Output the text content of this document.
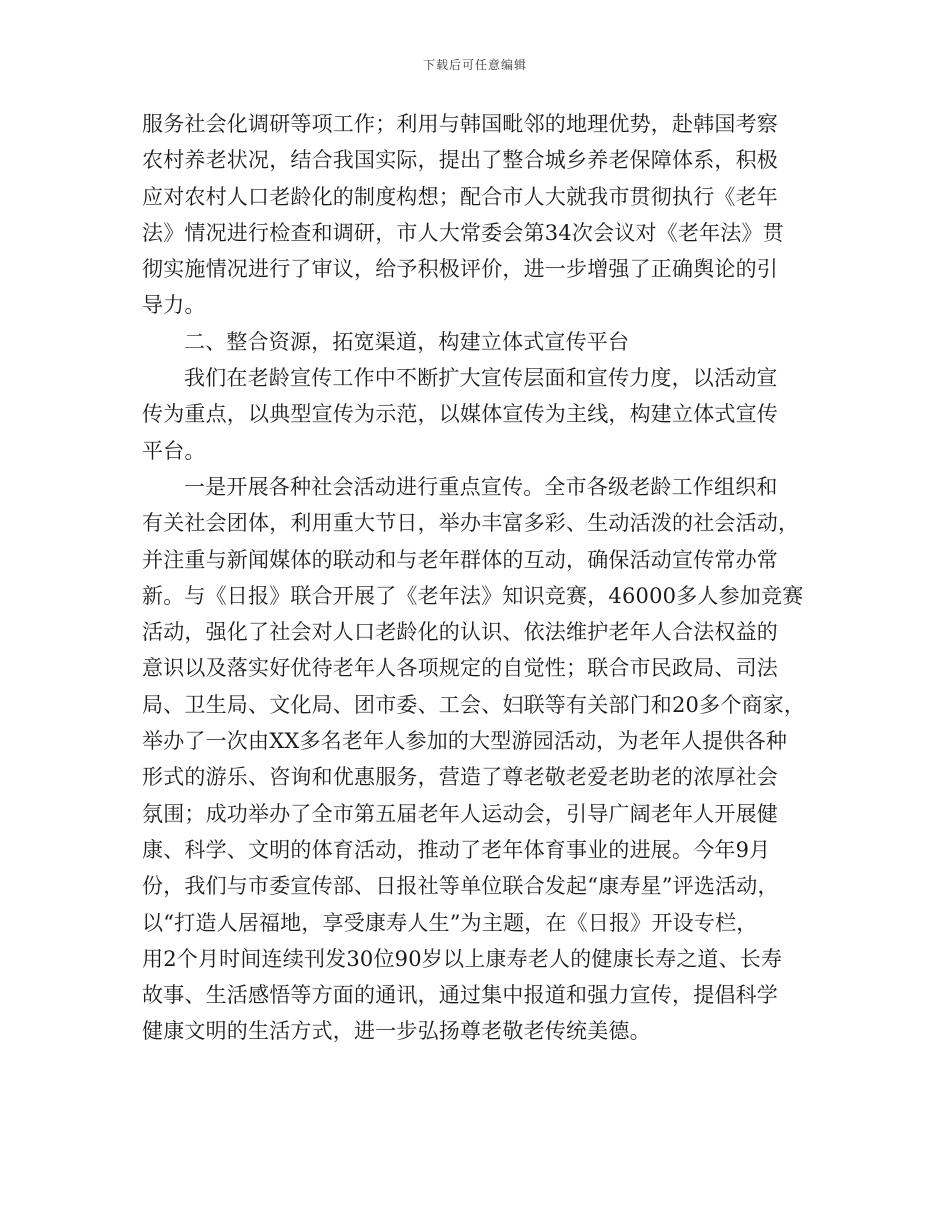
下载后可任意编辑
服务社会化调研等项工作；利用与韩国毗邻的地理优势，赴韩国考察
农村养老状况，结合我国实际，提出了整合城乡养老保障体系，积极
应对农村人口老龄化的制度构想；配合市人大就我市贯彻执行《老年
法》情况进行检查和调研，市人大常委会第34次会议对《老年法》贯
彻实施情况进行了审议，给予积极评价，进一步增强了正确舆论的引
导力。
二、整合资源，拓宽渠道，构建立体式宣传平台
我们在老龄宣传工作中不断扩大宣传层面和宣传力度，以活动宣
传为重点，以典型宣传为示范，以媒体宣传为主线，构建立体式宣传
平台。
一是开展各种社会活动进行重点宣传。全市各级老龄工作组织和
有关社会团体，利用重大节日，举办丰富多彩、生动活泼的社会活动，
并注重与新闻媒体的联动和与老年群体的互动，确保活动宣传常办常
新。与《日报》联合开展了《老年法》知识竞赛，46000多人参加竞赛
活动，强化了社会对人口老龄化的认识、依法维护老年人合法权益的
意识以及落实好优待老年人各项规定的自觉性；联合市民政局、司法
局、卫生局、文化局、团市委、工会、妇联等有关部门和20多个商家，
举办了一次由XX多名老年人参加的大型游园活动，为老年人提供各种
形式的游乐、咨询和优惠服务，营造了尊老敬老爱老助老的浓厚社会
氛围；成功举办了全市第五届老年人运动会，引导广阔老年人开展健
康、科学、文明的体育活动，推动了老年体育事业的进展。今年9月
份，我们与市委宣传部、日报社等单位联合发起“康寿星”评选活动，
以“打造人居福地，享受康寿人生”为主题，在《日报》开设专栏，
用2个月时间连续刊发30位90岁以上康寿老人的健康长寿之道、长寿
故事、生活感悟等方面的通讯，通过集中报道和强力宣传，提倡科学
健康文明的生活方式，进一步弘扬尊老敬老传统美德。
